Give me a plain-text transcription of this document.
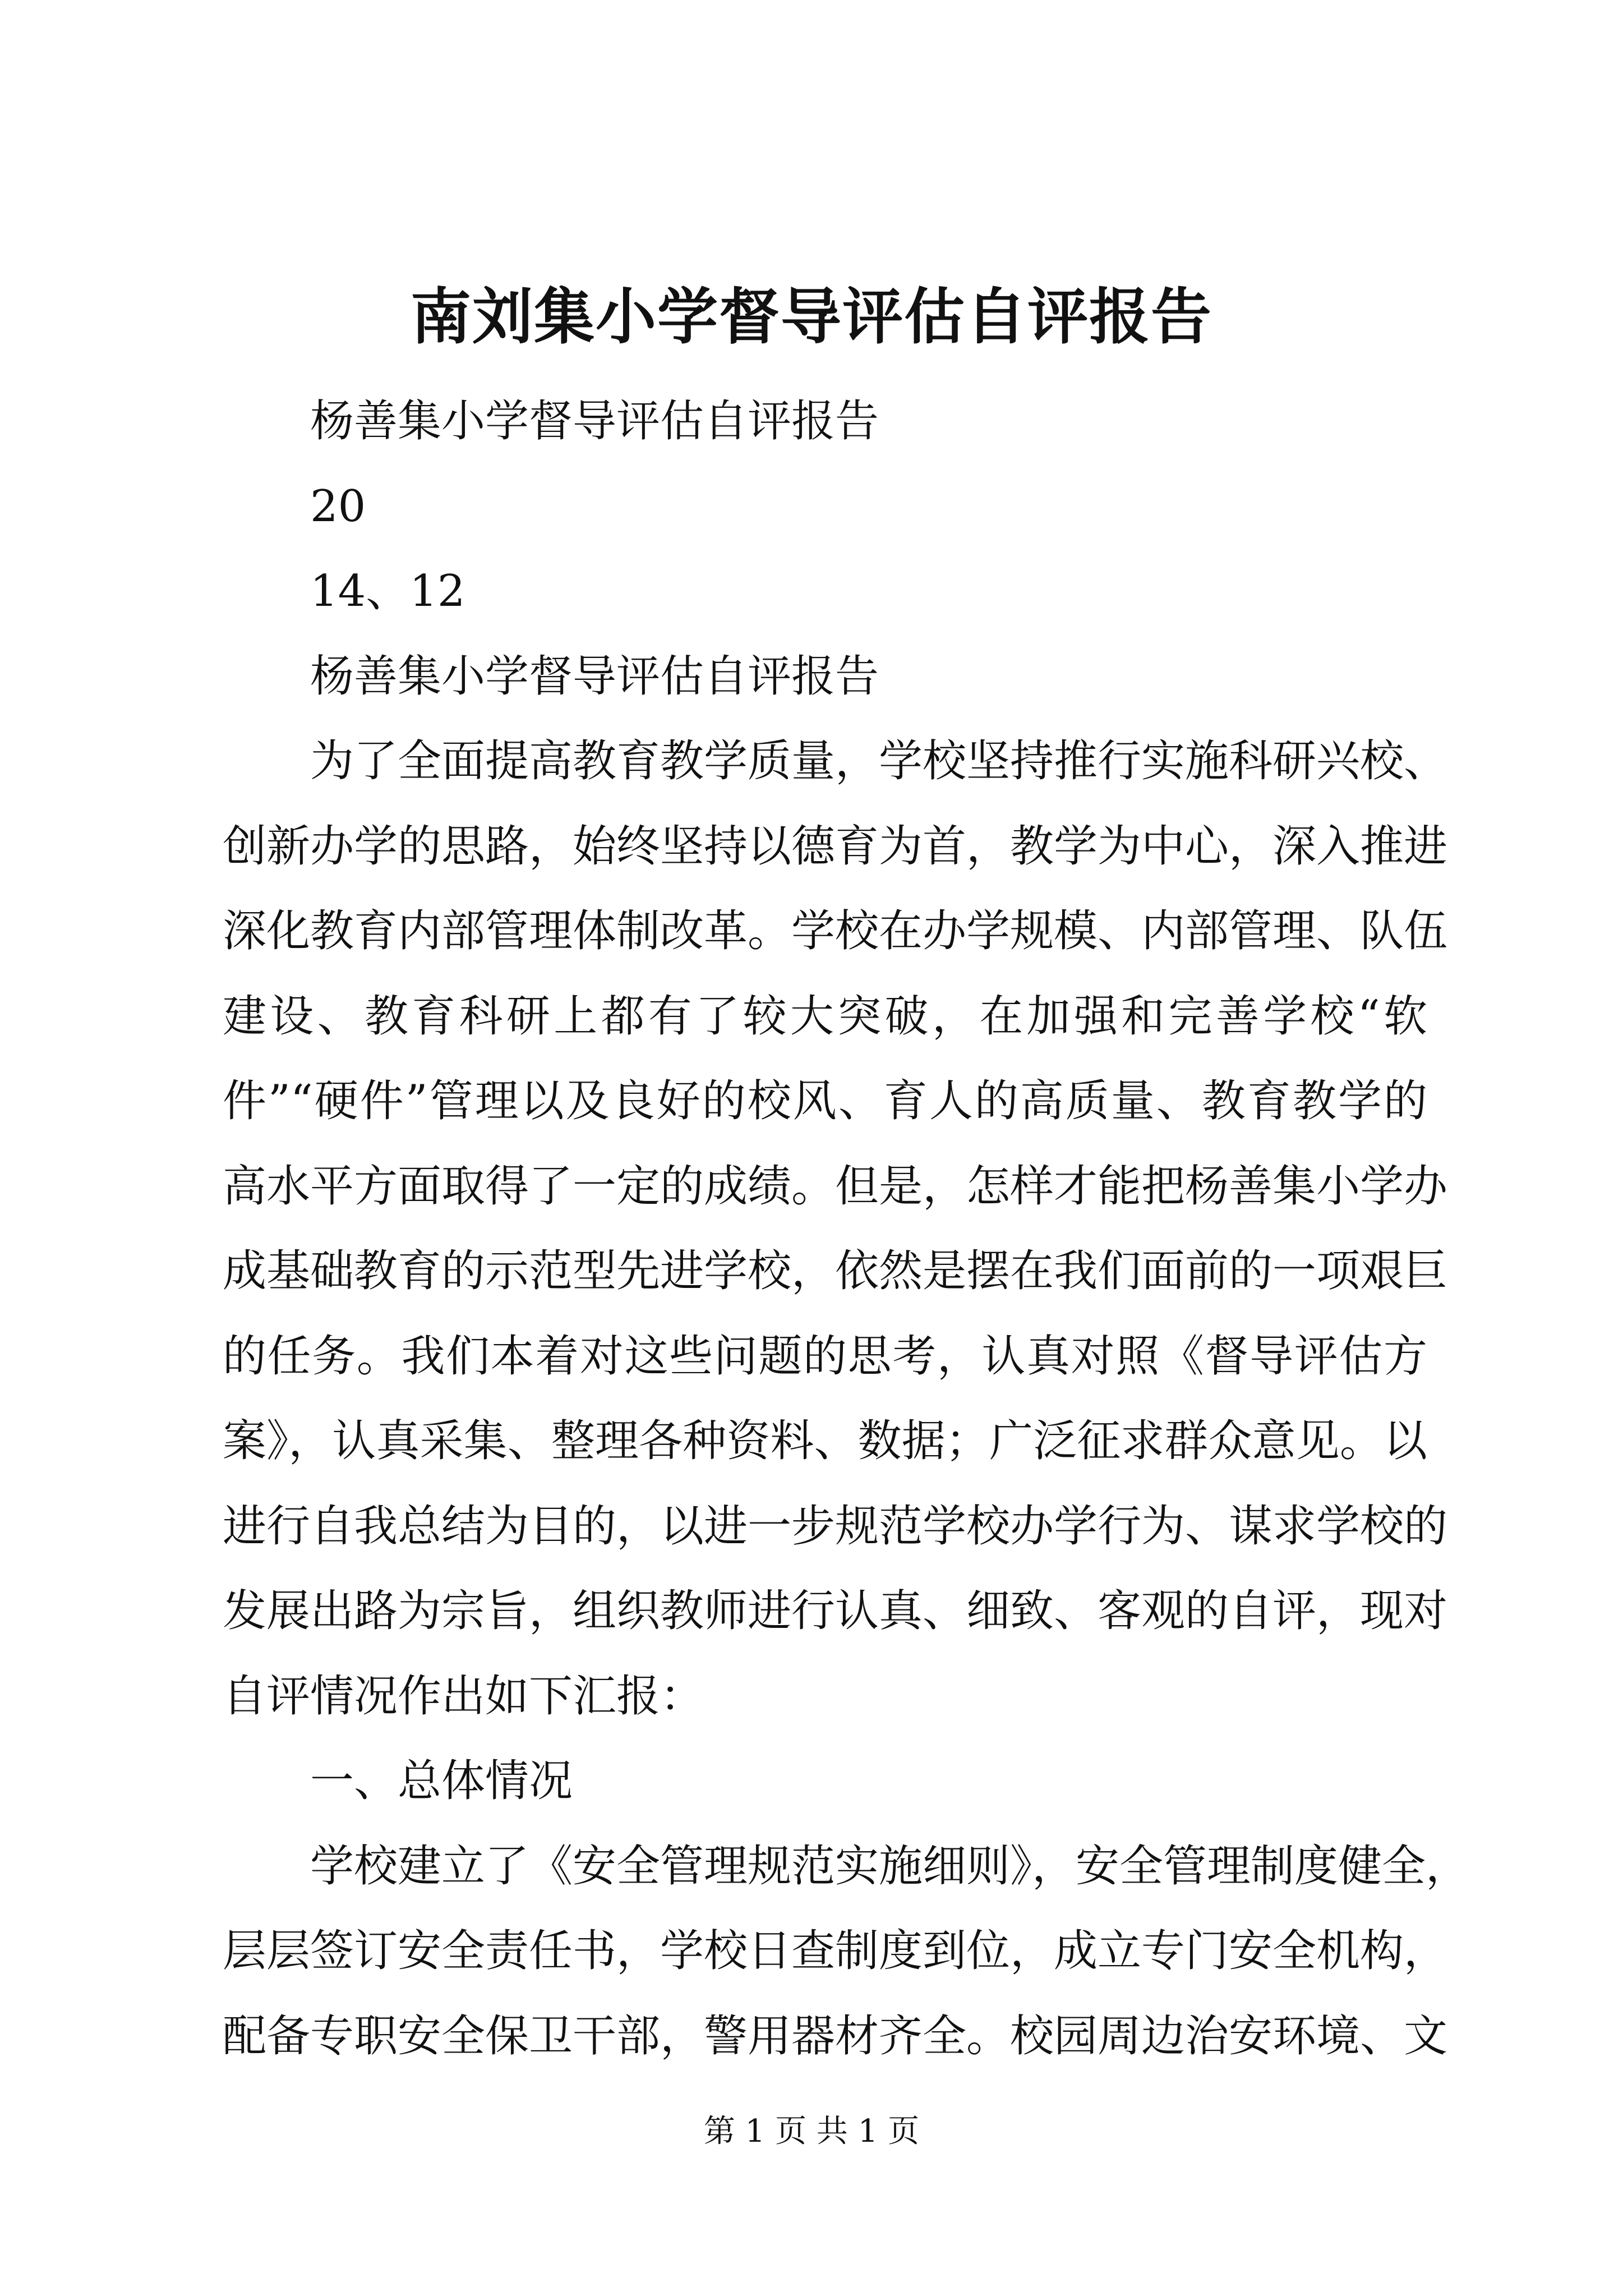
南刘集小学督导评估自评报告

杨善集小学督导评估自评报告

20

14、12

杨善集小学督导评估自评报告

为了全面提高教育教学质量，学校坚持推行实施科研兴校、

创新办学的思路，始终坚持以德育为首，教学为中心，深入推进

深化教育内部管理体制改革。学校在办学规模、内部管理、队伍

建设、教育科研上都有了较大突破，在加强和完善学校“软

件”“硬件”管理以及良好的校风、育人的高质量、教育教学的

高水平方面取得了一定的成绩。但是，怎样才能把杨善集小学办

成基础教育的示范型先进学校，依然是摆在我们面前的一项艰巨

的任务。我们本着对这些问题的思考，认真对照《督导评估方

案》，认真采集、整理各种资料、数据；广泛征求群众意见。以

进行自我总结为目的，以进一步规范学校办学行为、谋求学校的

发展出路为宗旨，组织教师进行认真、细致、客观的自评，现对

自评情况作出如下汇报：

一、总体情况

学校建立了《安全管理规范实施细则》，安全管理制度健全，

层层签订安全责任书，学校日查制度到位，成立专门安全机构，

配备专职安全保卫干部，警用器材齐全。校园周边治安环境、文

第 1 页 共 1 页
